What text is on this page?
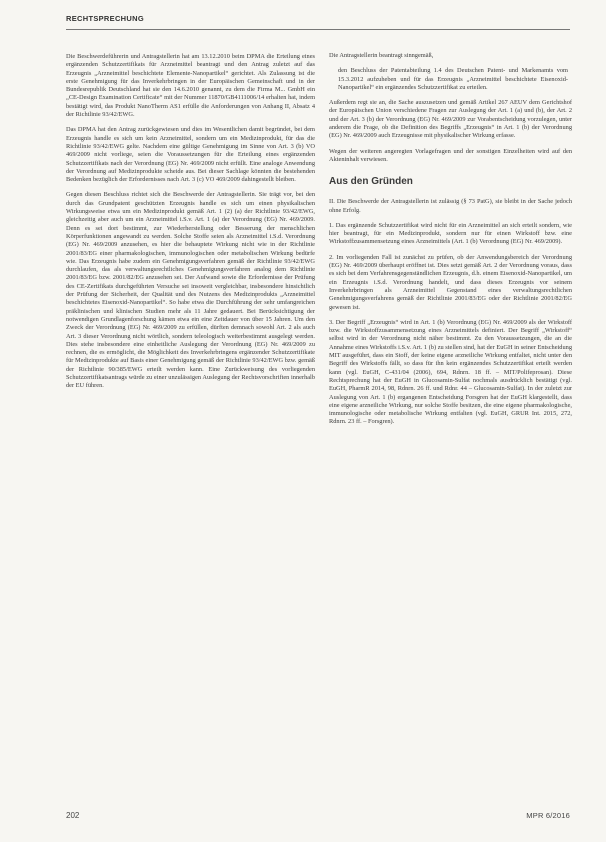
RECHTSPRECHUNG

Die Beschwerdeführerin und Antragstellerin hat am 13.12.2010 beim DPMA die Erteilung eines ergänzenden Schutzzertifikats für Arzneimittel beantragt und den Antrag zuletzt auf das Erzeugnis „Arzneimittel beschichtete Elemente-Nanopartikel“ gerichtet. Als Zulassung ist die erste Genehmigung für das Inverkehrbringen in der Europäischen Gemeinschaft und in der Bundesrepublik Deutschland hat sie den 14.6.2010 genannt, zu dem die Firma M... GmbH ein „CE-Design Examination Certificate“ mit der Nummer 11870/GB4111006/14 erhalten hat, indem bestätigt wird, das Produkt NanoTherm AS1 erfülle die Anforderungen von Anhang II, Absatz 4 der Richtlinie 93/42/EWG.

Das DPMA hat den Antrag zurückgewiesen und dies im Wesentlichen damit begründet, bei dem Erzeugnis handle es sich um kein Arzneimittel, sondern um ein Medizinprodukt, für das die Richtlinie 93/42/EWG gelte. Nachdem eine gültige Genehmigung im Sinne von Art. 3 (b) VO 469/2009 nicht vorliege, seien die Voraussetzungen für die Erteilung eines ergänzenden Schutzzertifikats nach der Verordnung (EG) Nr. 469/2009 nicht erfüllt. Eine analoge Anwendung der Verordnung auf Medizinprodukte scheide aus. Bei dieser Sachlage könnten die bestehenden Bedenken bezüglich der Erfordernisses nach Art. 3 (c) VO 469/2009 dahingestellt bleiben.

Gegen diesen Beschluss richtet sich die Beschwerde der Antragstellerin. Sie trägt vor, bei den durch das Grundpatent geschützten Erzeugnis handle es sich um einen physikalischen Wirkungsweise etwa um ein Medizinprodukt gemäß Art. 1 (2) (a) der Richtlinie 93/42/EWG, gleichzeitig aber auch um ein Arzneimittel i.S.v. Art. 1 (a) der Verordnung (EG) Nr. 469/2009. Denn es sei dort bestimmt, zur Wiederherstellung oder Besserung der menschlichen Körperfunktionen angewandt zu werden. Solche Stoffe seien als Arzneimittel i.S.d. Verordnung (EG) Nr. 469/2009 anzusehen, es hier die behauptete Wirkung nicht wie in der Richtlinie 2001/83/EG einer pharmakologischen, immunologischen oder metabolischen Wirkung bedürfe wie. Das Erzeugnis habe zudem ein Genehmigungsverfahren gemäß der Richtlinie 93/42/EWG durchlaufen, das als verwaltungsrechtliches Genehmigungsverfahren analog dem Richtlinie 2001/83/EG bzw. 2001/82/EG anzusehen sei. Der Aufwand sowie die Erfordernisse der Prüfung des CE-Zertifikats durchgeführten Versuche sei insoweit vergleichbar, insbesondere hinsichtlich der Prüfung der Sicherheit, der Qualität und des Nutzens des Medizinprodukts „Arzneimittel beschichtetes Eisenoxid-Nanopartikel“. So habe etwa die Durchführung der sehr umfangreichen präklinischen und klinischen Studien mehr als 11 Jahre gedauert. Bei Berücksichtigung der notwendigen Grundlagenforschung kämen etwa ein eine Zeitdauer von über 15 Jahren. Um den Zweck der Verordnung (EG) Nr. 469/2009 zu erfüllen, dürften demnach sowohl Art. 2 als auch Art. 3 dieser Verordnung nicht wörtlich, sondern teleologisch weiterbestimmt ausgelegt werden. Dies stehe insbesondere eine einheitliche Auslegung der Verordnung (EG) Nr. 469/2009 zu rechnen, die es ermöglicht, die Möglichkeit des Inverkehrbringens ergänzender Schutzzertifikate für Medizinprodukte auf Basis einer Genehmigung gemäß der Richtlinie 93/42/EWG bzw. gemäß der Richtlinie 90/385/EWG erteilt werden kann. Eine Zurückweisung des vorliegenden Schutzzertifikatsantrags würde zu einer unzulässigen Auslegung der Rechtsvorschriften innerhalb der EU führen.

Die Antragstellerin beantragt sinngemäß,

den Beschluss der Patentabteilung 1.4 des Deutschen Patent- und Markenamts vom 15.3.2012 aufzuheben und für das Erzeugnis „Arzneimittel beschichtete Eisenoxid-Nanopartikel“ ein ergänzendes Schutzzertifikat zu erteilen.

Außerdem regt sie an, die Sache auszusetzen und gemäß Artikel 267 AEUV dem Gerichtshof der Europäischen Union verschiedene Fragen zur Auslegung der Art. 1 (a) und (b), der Art. 2 und der Art. 3 (b) der Verordnung (EG) Nr. 469/2009 zur Vorabentscheidung vorzulegen, unter anderem die Frage, ob die Definition des Begriffs „Erzeugnis“ in Art. 1 (b) der Verordnung (EG) Nr. 469/2009 auch Erzeugnisse mit physikalischer Wirkung erfasse.

Wegen der weiteren angeregten Vorlagefragen und der sonstigen Einzelheiten wird auf den Akteninhalt verwiesen.

Aus den Gründen

II. Die Beschwerde der Antragstellerin ist zulässig (§ 73 PatG), sie bleibt in der Sache jedoch ohne Erfolg.

1. Das ergänzende Schutzzertifikat wird nicht für ein Arzneimittel an sich erteilt sondern, wie hier beantragt, für ein Medizinprodukt, sondern nur für einen Wirkstoff bzw. eine Wirkstoffzusammensetzung eines Arzneimittels (Art. 1 (b) Verordnung (EG) Nr. 469/2009).

2. Im vorliegenden Fall ist zunächst zu prüfen, ob der Anwendungsbereich der Verordnung (EG) Nr. 469/2009 überhaupt eröffnet ist. Dies setzt gemäß Art. 2 der Verordnung voraus, dass es sich bei dem Verfahrensgegenständlichen Erzeugnis, d.h. einem Eisenoxid-Nanopartikel, um ein Erzeugnis i.S.d. Verordnung handelt, und dass dieses Erzeugnis vor seinem Inverkehrbringen als Arzneimittel Gegenstand eines verwaltungsrechtlichen Genehmigungsverfahrens gemäß der Richtlinie 2001/83/EG oder der Richtlinie 2001/82/EG gewesen ist.

3. Der Begriff „Erzeugnis“ wird in Art. 1 (b) Verordnung (EG) Nr. 469/2009 als der Wirkstoff bzw. die Wirkstoffzusammensetzung eines Arzneimittels definiert. Der Begriff „Wirkstoff“ selbst wird in der Verordnung nicht näher bestimmt. Zu den Voraussetzungen, die an die Annahme eines Wirkstoffs i.S.v. Art. 1 (b) zu stellen sind, hat der EuGH in seiner Entscheidung MIT ausgeführt, dass ein Stoff, der keine eigene arzneiliche Wirkung entfaltet, nicht unter den Begriff des Wirkstoffs fällt, so dass für ihn kein ergänzendes Schutzzertifikat erteilt werden kann (vgl. EuGH, C-431/04 (2006), 694, Rdnrn. 18 ff. – MIT/Polifeprosan). Diese Rechtsprechung hat der EuGH in Glucosamin-Sulfat nochmals ausdrücklich bestätigt (vgl. EuGH, PharmR 2014, 98, Rdnrn. 26 ff. und Rdnr. 44 – Glucosamin-Sulfat). In der zuletzt zur Auslegung von Art. 1 (b) ergangenen Entscheidung Forsgren hat der EuGH klargestellt, dass eine eigene arzneiliche Wirkung, nur solche Stoffe besitzen, die eine eigene pharmakologische, immunologische oder metabolische Wirkung entfalten (vgl. EuGH, GRUR Int. 2015, 272, Rdnrn. 23 ff. – Forsgren).

202	MPR 6/2016
